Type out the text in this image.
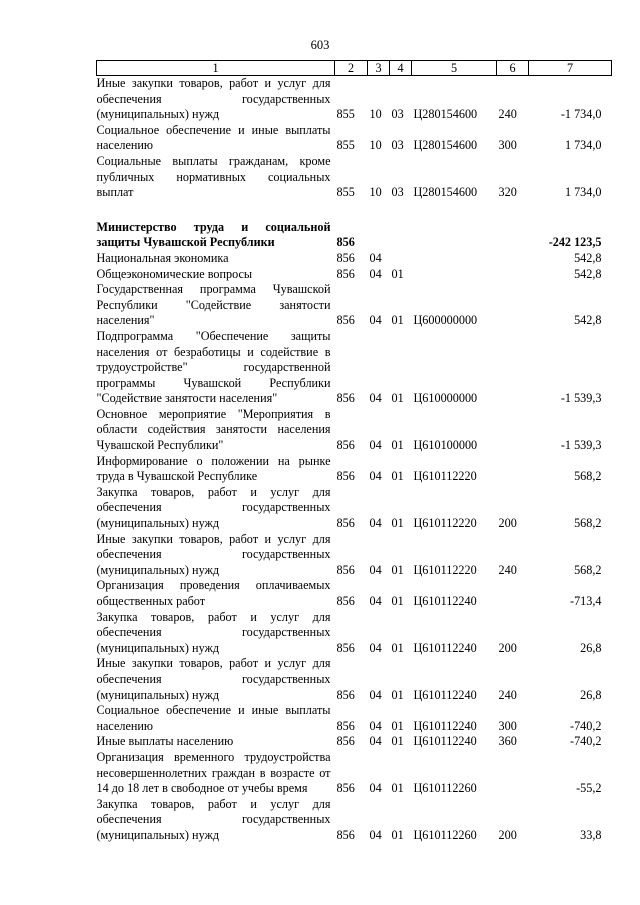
603
1	2	3	4	5	6	7
Иные закупки товаров, работ и услуг для обеспечения государственных (муниципальных) нужд	855	10	03	Ц280154600	240	-1 734,0
Социальное обеспечение и иные выплаты населению	855	10	03	Ц280154600	300	1 734,0
Социальные выплаты гражданам, кроме публичных нормативных социальных выплат	855	10	03	Ц280154600	320	1 734,0

Министерство труда и социальной защиты Чувашской Республики	856					-242 123,5
Национальная экономика	856	04				542,8
Общеэкономические вопросы	856	04	01			542,8
Государственная программа Чувашской Республики "Содействие занятости населения"	856	04	01	Ц600000000		542,8
Подпрограмма "Обеспечение защиты населения от безработицы и содействие в трудоустройстве" государственной программы Чувашской Республики "Содействие занятости населения"	856	04	01	Ц610000000		-1 539,3
Основное мероприятие "Мероприятия в области содействия занятости населения Чувашской Республики"	856	04	01	Ц610100000		-1 539,3
Информирование о положении на рынке труда в Чувашской Республике	856	04	01	Ц610112220		568,2
Закупка товаров, работ и услуг для обеспечения государственных (муниципальных) нужд	856	04	01	Ц610112220	200	568,2
Иные закупки товаров, работ и услуг для обеспечения государственных (муниципальных) нужд	856	04	01	Ц610112220	240	568,2
Организация проведения оплачиваемых общественных работ	856	04	01	Ц610112240		-713,4
Закупка товаров, работ и услуг для обеспечения государственных (муниципальных) нужд	856	04	01	Ц610112240	200	26,8
Иные закупки товаров, работ и услуг для обеспечения государственных (муниципальных) нужд	856	04	01	Ц610112240	240	26,8
Социальное обеспечение и иные выплаты населению	856	04	01	Ц610112240	300	-740,2
Иные выплаты населению	856	04	01	Ц610112240	360	-740,2
Организация временного трудоустройства несовершеннолетних граждан в возрасте от 14 до 18 лет в свободное от учебы время	856	04	01	Ц610112260		-55,2
Закупка товаров, работ и услуг для обеспечения государственных (муниципальных) нужд	856	04	01	Ц610112260	200	33,8
